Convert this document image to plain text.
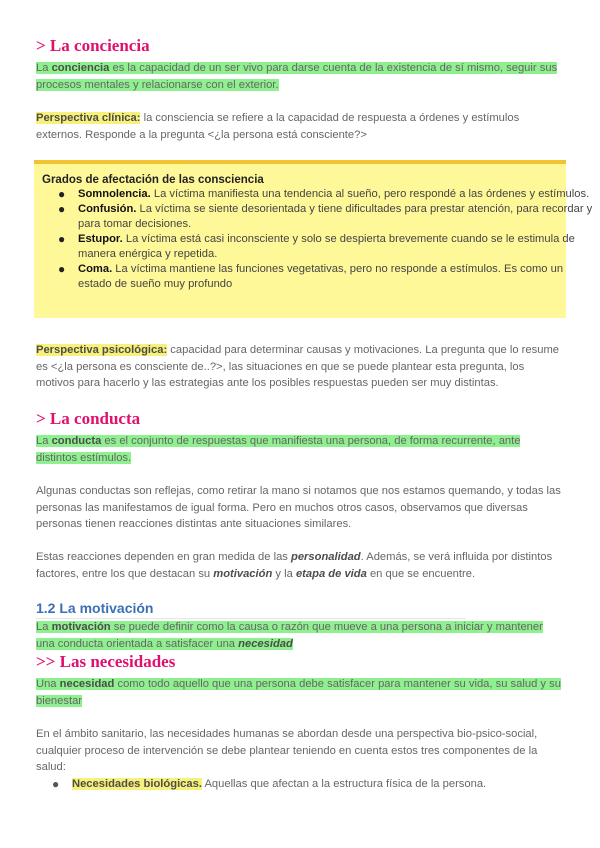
> La conciencia

La conciencia es la capacidad de un ser vivo para darse cuenta de la existencia de sí mismo, seguir sus procesos mentales y relacionarse con el exterior.

Perspectiva clínica: la consciencia se refiere a la capacidad de respuesta a órdenes y estímulos externos. Responde a la pregunta <¿la persona está consciente?>

Grados de afectación de las consciencia

● Somnolencia. La víctima manifiesta una tendencia al sueño, pero respondé a las órdenes y estímulos.
● Confusión. La víctima se siente desorientada y tiene dificultades para prestar atención, para recordar y para tomar decisiones.
● Estupor. La víctima está casi inconsciente y solo se despierta brevemente cuando se le estimula de manera enérgica y repetida.
● Coma. La víctima mantiene las funciones vegetativas, pero no responde a estímulos. Es como un estado de sueño muy profundo

Perspectiva psicológica: capacidad para determinar causas y motivaciones. La pregunta que lo resume es <¿la persona es consciente de..?>, las situaciones en que se puede plantear esta pregunta, los motivos para hacerlo y las estrategias ante los posibles respuestas pueden ser muy distintas.

> La conducta

La conducta es el conjunto de respuestas que manifiesta una persona, de forma recurrente, ante distintos estímulos.

Algunas conductas son reflejas, como retirar la mano si notamos que nos estamos quemando, y todas las personas las manifestamos de igual forma. Pero en muchos otros casos, observamos que diversas personas tienen reacciones distintas ante situaciones similares.

Estas reacciones dependen en gran medida de las personalidad. Además, se verá influida por distintos factores, entre los que destacan su motivación y la etapa de vida en que se encuentre.

1.2 La motivación

La motivación se puede definir como la causa o razón que mueve a una persona a iniciar y mantener una conducta orientada a satisfacer una necesidad

>> Las necesidades

Una necesidad como todo aquello que una persona debe satisfacer para mantener su vida, su salud y su bienestar

En el ámbito sanitario, las necesidades humanas se abordan desde una perspectiva bio-psico-social, cualquier proceso de intervención se debe plantear teniendo en cuenta estos tres componentes de la salud:

● Necesidades biológicas. Aquellas que afectan a la estructura física de la persona.
